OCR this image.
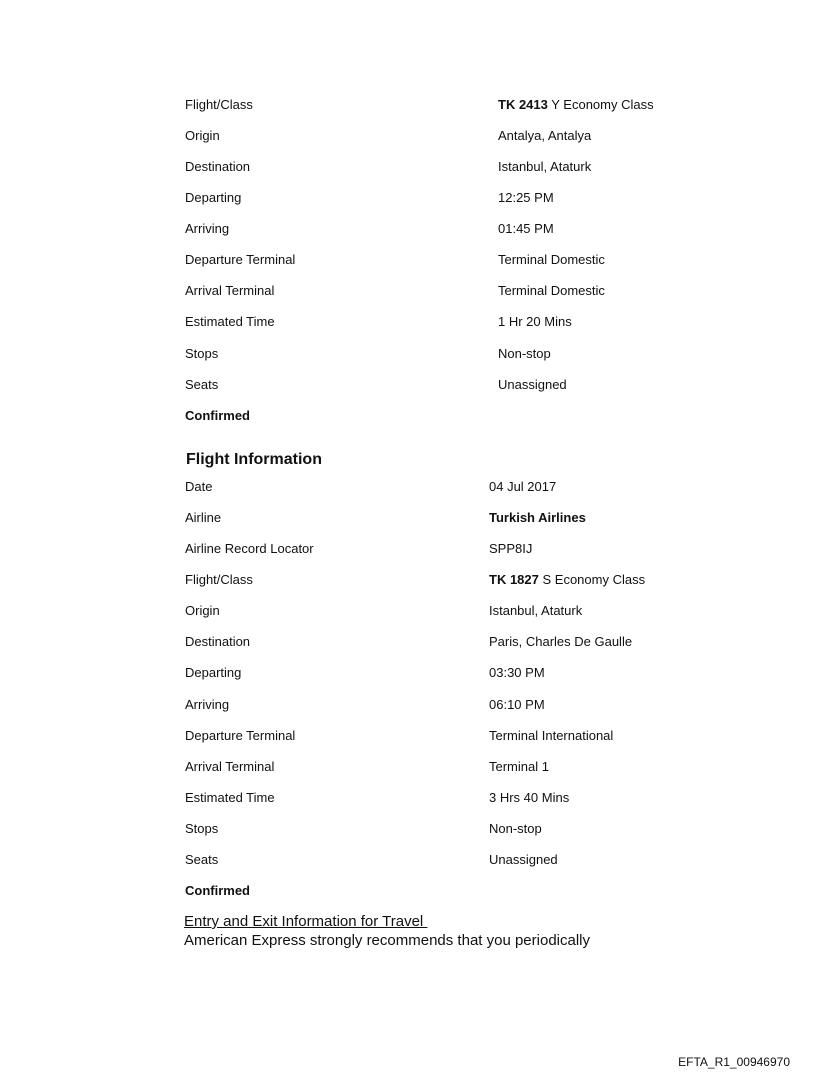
Flight/Class	TK 2413 Y Economy Class
Origin	Antalya, Antalya
Destination	Istanbul, Ataturk
Departing	12:25 PM
Arriving	01:45 PM
Departure Terminal	Terminal Domestic
Arrival Terminal	Terminal Domestic
Estimated Time	1 Hr 20 Mins
Stops	Non-stop
Seats	Unassigned
Confirmed
Flight Information
Date	04 Jul 2017
Airline	Turkish Airlines
Airline Record Locator	SPP8IJ
Flight/Class	TK 1827 S Economy Class
Origin	Istanbul, Ataturk
Destination	Paris, Charles De Gaulle
Departing	03:30 PM
Arriving	06:10 PM
Departure Terminal	Terminal International
Arrival Terminal	Terminal 1
Estimated Time	3 Hrs 40 Mins
Stops	Non-stop
Seats	Unassigned
Confirmed
Entry and Exit Information for Travel
American Express strongly recommends that you periodically
EFTA_R1_00946970
